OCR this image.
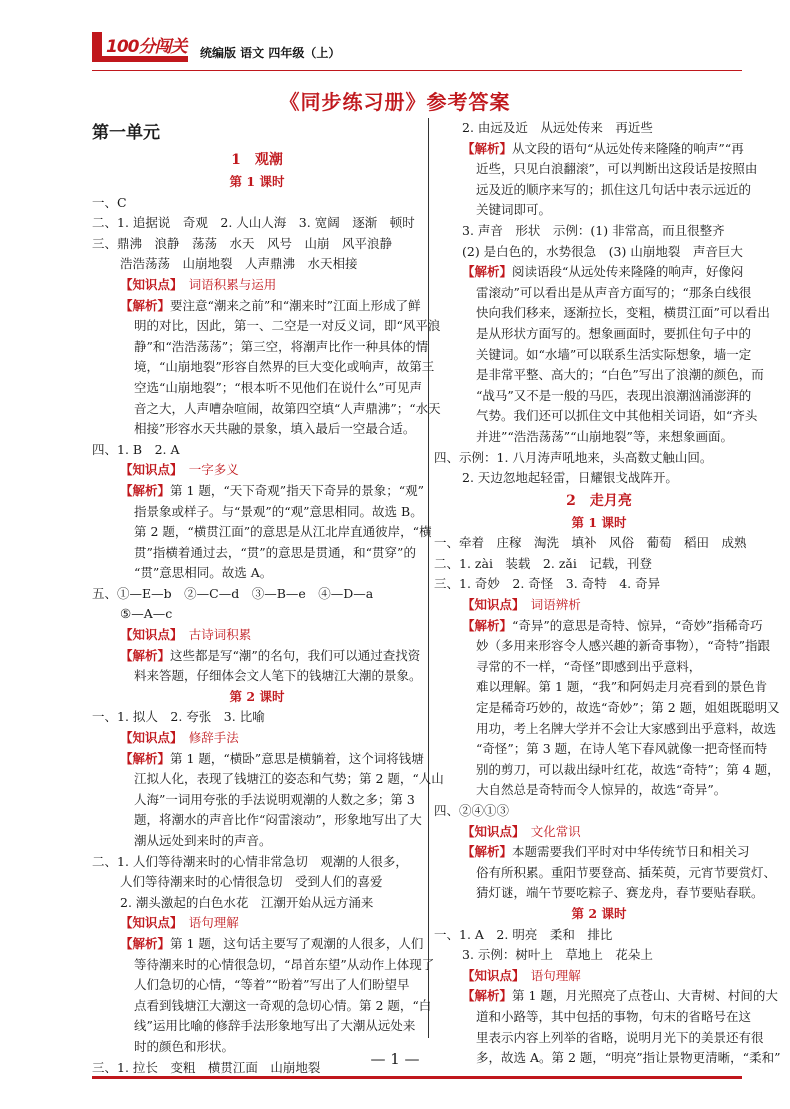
100分闯关 统编版 语文 四年级（上）
《同步练习册》参考答案
第一单元
1　观潮
第 1 课时
一、C
二、1. 追据说　奇观　2. 人山人海　3. 宽阔　逐渐　顿时
三、鼎沸　浪静　荡荡　水天　风号　山崩　风平浪静
浩浩荡荡　山崩地裂　人声鼎沸　水天相接
【知识点】　 词语积累与运用
【解析】要注意“潮来之前”和“潮来时”江面上形成了鲜
明的对比，因此，第一、二空是一对反义词，即“风平浪
静”和“浩浩荡荡”；第三空，将潮声比作一种具体的情
境，“山崩地裂”形容自然界的巨大变化或响声，故第三
空选“山崩地裂”；“根本听不见他们在说什么”可见声
音之大，人声嘈杂喧闹，故第四空填“人声鼎沸”；“水天
相接”形容水天共融的景象，填入最后一空最合适。
四、1. B　2. A
【知识点】　 一字多义
【解析】第 1 题，“天下奇观”指天下奇异的景象；“观”
指景象或样子。与“景观”的“观”意思相同。故选 B。
第 2 题，“横贯江面”的意思是从江北岸直通彼岸，“横
贯”指横着通过去，“贯”的意思是贯通，和“贯穿”的
“贯”意思相同。故选 A。
五、①—E—b　②—C—d　③—B—e　④—D—a
⑤—A—c
【知识点】　 古诗词积累
【解析】这些都是写“潮”的名句，我们可以通过查找资
料来答题，仔细体会文人笔下的钱塘江大潮的景象。
第 2 课时
一、1. 拟人　2. 夸张　3. 比喻
【知识点】　 修辞手法
【解析】第 1 题，“横卧”意思是横躺着，这个词将钱塘
江拟人化，表现了钱塘江的姿态和气势；第 2 题，“人山
人海”一词用夸张的手法说明观潮的人数之多；第 3
题，将潮水的声音比作“闷雷滚动”，形象地写出了大
潮从远处到来时的声音。
二、1. 人们等待潮来时的心情非常急切　观潮的人很多，
人们等待潮来时的心情很急切　受到人们的喜爱
2. 潮头激起的白色水花　江潮开始从远方涌来
【知识点】　 语句理解
【解析】第 1 题，这句话主要写了观潮的人很多，人们
等待潮来时的心情很急切，“昂首东望”从动作上体现了
人们急切的心情，“等着”“盼着”写出了人们盼望早
点看到钱塘江大潮这一奇观的急切心情。第 2 题，“白
线”运用比喻的修辞手法形象地写出了大潮从远处来
时的颜色和形状。
三、1. 拉长　变粗　横贯江面　山崩地裂
2. 由远及近　从远处传来　再近些
【解析】从文段的语句“从远处传来隆隆的响声”“再
近些，只见白浪翻滚”，可以判断出这段话是按照由
远及近的顺序来写的；抓住这几句话中表示远近的
关键词即可。
3. 声音　形状　示例：(1) 非常高，而且很整齐
(2) 是白色的，水势很急　(3) 山崩地裂　声音巨大
【解析】阅读语段“从远处传来隆隆的响声，好像闷
雷滚动”可以看出是从声音方面写的；“那条白线很
快向我们移来，逐渐拉长，变粗，横贯江面”可以看出
是从形状方面写的。想象画面时，要抓住句子中的
关键词。如“水墙”可以联系生活实际想象，墙一定
是非常平整、高大的；“白色”写出了浪潮的颜色，而
“战马”又不是一般的马匹，表现出浪潮汹涌澎湃的
气势。我们还可以抓住文中其他相关词语，如“齐头
并进”“浩浩荡荡”“山崩地裂”等，来想象画面。
四、示例：1. 八月涛声吼地来，头高数丈触山回。
2. 天边忽地起轻雷，日耀银戈战阵开。
2　走月亮
第 1 课时
一、牵着　庄稼　淘洗　填补　风俗　葡萄　稻田　成熟
二、1. zài　装载　2. zǎi　记载，刊登
三、1. 奇妙　2. 奇怪　3. 奇特　4. 奇异
【知识点】　 词语辨析
【解析】“奇异”的意思是奇特、惊异，“奇妙”指稀奇巧
妙（多用来形容令人感兴趣的新奇事物），“奇特”指跟
寻常的不一样，“奇怪”即感到出乎意料，
难以理解。第 1 题，“我”和阿妈走月亮看到的景色肯
定是稀奇巧妙的，故选“奇妙”；第 2 题，姐姐既聪明又
用功，考上名牌大学并不会让大家感到出乎意料，故选
“奇怪”；第 3 题，在诗人笔下春风就像一把奇怪而特
别的剪刀，可以裁出绿叶红花，故选“奇特”；第 4 题，
大自然总是奇特而令人惊异的，故选“奇异”。
四、②④①③
【知识点】　 文化常识
【解析】本题需要我们平时对中华传统节日和相关习
俗有所积累。重阳节要登高、插茱萸，元宵节要赏灯、
猜灯谜，端午节要吃粽子、赛龙舟，春节要贴春联。
第 2 课时
一、1. A　2. 明亮　柔和　排比
3. 示例：树叶上　草地上　花朵上
【知识点】　 语句理解
【解析】第 1 题，月光照亮了点苍山、大青树、村间的大
道和小路等，其中包括的事物，句末的省略号在这
里表示内容上列举的省略，说明月光下的美景还有很
多，故选 A。第 2 题，“明亮”指让景物更清晰，“柔和”
— 1 —
